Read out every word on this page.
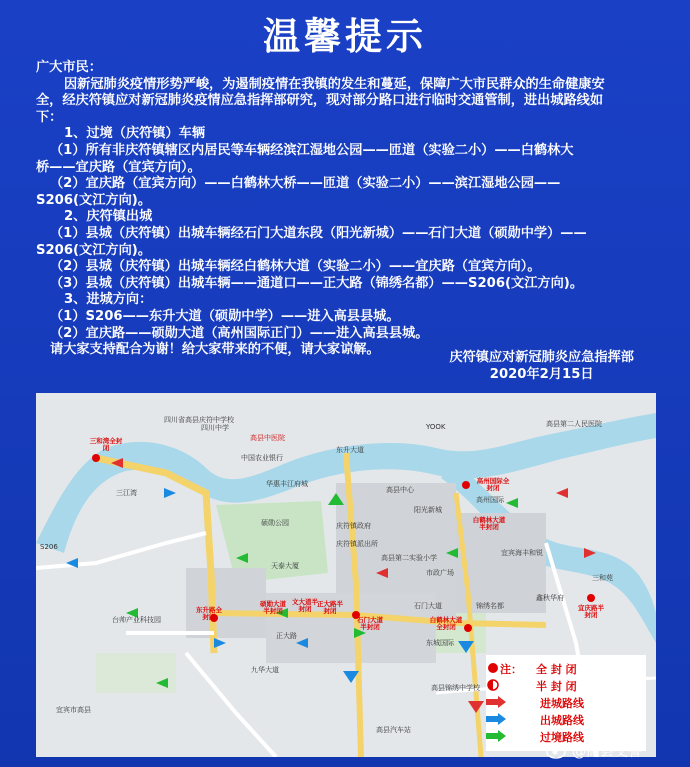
温馨提示

广大市民：

因新冠肺炎疫情形势严峻，为遏制疫情在我镇的发生和蔓延，保障广大市民群众的生命健康安

全，经庆符镇应对新冠肺炎疫情应急指挥部研究，现对部分路口进行临时交通管制，进出城路线如

下：

1、过境（庆符镇）车辆

（1）所有非庆符镇辖区内居民等车辆经滨江湿地公园——匝道（实验二小）——白鹤林大

桥——宜庆路（宜宾方向）。

（2）宜庆路（宜宾方向）——白鹤林大桥——匝道（实验二小）——滨江湿地公园——

S206(文江方向)。

2、庆符镇出城

（1）县城（庆符镇）出城车辆经石门大道东段（阳光新城）——石门大道（硕勋中学）——

S206(文江方向)。

（2）县城（庆符镇）出城车辆经白鹤林大道（实验二小）——宜庆路（宜宾方向）。

（3）县城（庆符镇）出城车辆——通道口——正大路（锦绣名都）——S206(文江方向)。

3、进城方向：

（1）S206——东升大道（硕勋中学）——进入高县县城。

（2）宜庆路——硕勋大道（高州国际正门）——进入高县县城。

请大家支持配合为谢！给大家带来的不便，请大家谅解。

庆符镇应对新冠肺炎应急指挥部
2020年2月15日
四川省高县庆符中学校
高县中医院
中国农业银行
华惠丰江府城
硕勋公园	庆符镇政府
庆符镇派出所
天泰大厦
高县第二实验小学
市政广场
石门大道	锦绣名都
三和苑
鑫秋华府
正大路
九华大道
高县锦绣中学校
高县汽车站
台帅产业科技园
高县中心
宜宾海丰和锐
东城国际
阳光新城
高州国际
高县第二人民医院
宜宾市高县
YOOK
S206
三江湾
东升大道
四川中学
三和湾全封闭
白鹤林大道半封闭
正大路半封闭
石门大道半封闭
白鹤林大道全封闭
东升路全封闭
高州国际全封闭
宜庆路半封闭
硕勋大道半封闭
文大道半封闭
注： 全 封 闭
半 封 闭
进城路线
出城路线
过境路线
@高县交警
